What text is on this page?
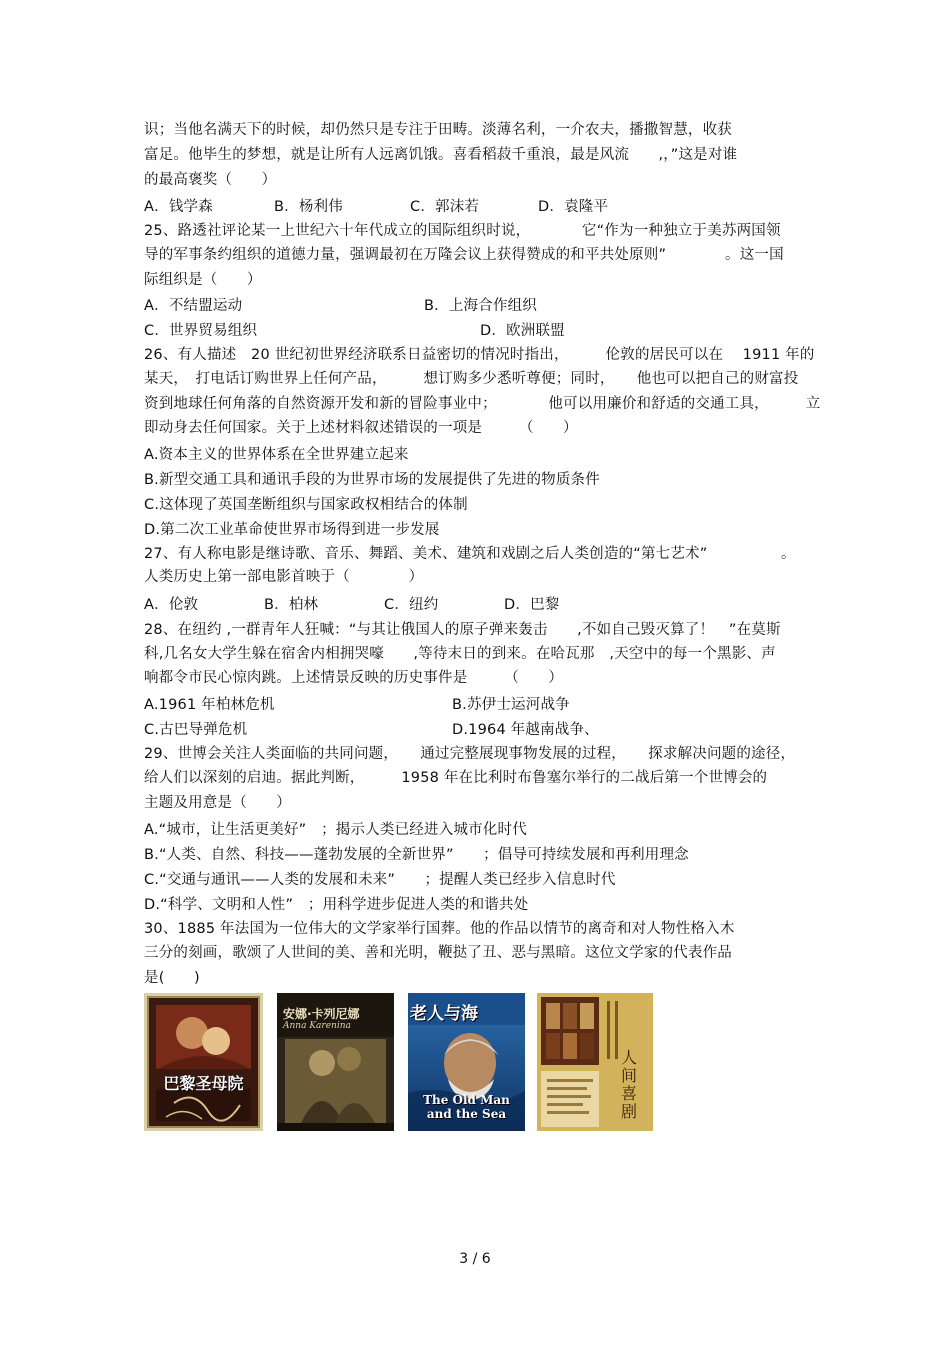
识；当他名满天下的时候，却仍然只是专注于田畴。淡薄名利，一介农夫，播撒智慧，收获
富足。他毕生的梦想，就是让所有人远离饥饿。喜看稻菽千重浪，最是风流　　,，”这是对谁
的最高褒奖（　　）
A．钱学森	B．杨利伟	C．郭沫若	D．袁隆平
25、路透社评论某一上世纪六十年代成立的国际组织时说，　　　　它“作为一种独立于美苏两国领
导的军事条约组织的道德力量，强调最初在万隆会议上获得赞成的和平共处原则”　　　　。这一国
际组织是（　　）
A．不结盟运动	B．上海合作组织
C．世界贸易组织	D．欧洲联盟
26、有人描述　20 世纪初世界经济联系日益密切的情况时指出，　　　伦敦的居民可以在　 1911 年的
某天，　打电话订购世界上任何产品，　　　想订购多少悉听尊便；同时，　　他也可以把自己的财富投
资到地球任何角落的自然资源开发和新的冒险事业中；　　　　他可以用廉价和舒适的交通工具，　　　立
即动身去任何国家。关于上述材料叙述错误的一项是　　　（　　）
A.资本主义的世界体系在全世界建立起来
B.新型交通工具和通讯手段的为世界市场的发展提供了先进的物质条件
C.这体现了英国垄断组织与国家政权相结合的体制
D.第二次工业革命使世界市场得到进一步发展
27、有人称电影是继诗歌、音乐、舞蹈、美术、建筑和戏剧之后人类创造的“第七艺术”　　　　　。
人类历史上第一部电影首映于（　　　　）
A．伦敦	B．柏林	C．纽约	D．巴黎
28、在纽约 ,一群青年人狂喊：“与其让俄国人的原子弹来轰击　　,不如自己毁灭算了！　”在莫斯
科,几名女大学生躲在宿舍内相拥哭嚎　　,等待末日的到来。在哈瓦那　,天空中的每一个黑影、声
响都令市民心惊肉跳。上述情景反映的历史事件是　　　（　　）
A.1961 年柏林危机	B.苏伊士运河战争
C.古巴导弹危机	D.1964 年越南战争、
29、世博会关注人类面临的共同问题，　　通过完整展现事物发展的过程，　　探求解决问题的途径，
给人们以深刻的启迪。据此判断，　　　1958 年在比利时布鲁塞尔举行的二战后第一个世博会的
主题及用意是（　　）
A.“城市，让生活更美好”　；揭示人类已经进入城市化时代
B.“人类、自然、科技——蓬勃发展的全新世界”　　；倡导可持续发展和再利用理念
C.“交通与通讯——人类的发展和未来”　　；提醒人类已经步入信息时代
D.“科学、文明和人性”　；用科学进步促进人类的和谐共处
30、1885 年法国为一位伟大的文学家举行国葬。他的作品以情节的离奇和对人物性格入木
三分的刻画，歌颂了人世间的美、善和光明，鞭挞了丑、恶与黑暗。这位文学家的代表作品
是(　　)
巴黎圣母院
安娜·卡列尼娜
Anna Karenina
老人与海
The Old Man
and the Sea
人间喜剧
3 / 6
